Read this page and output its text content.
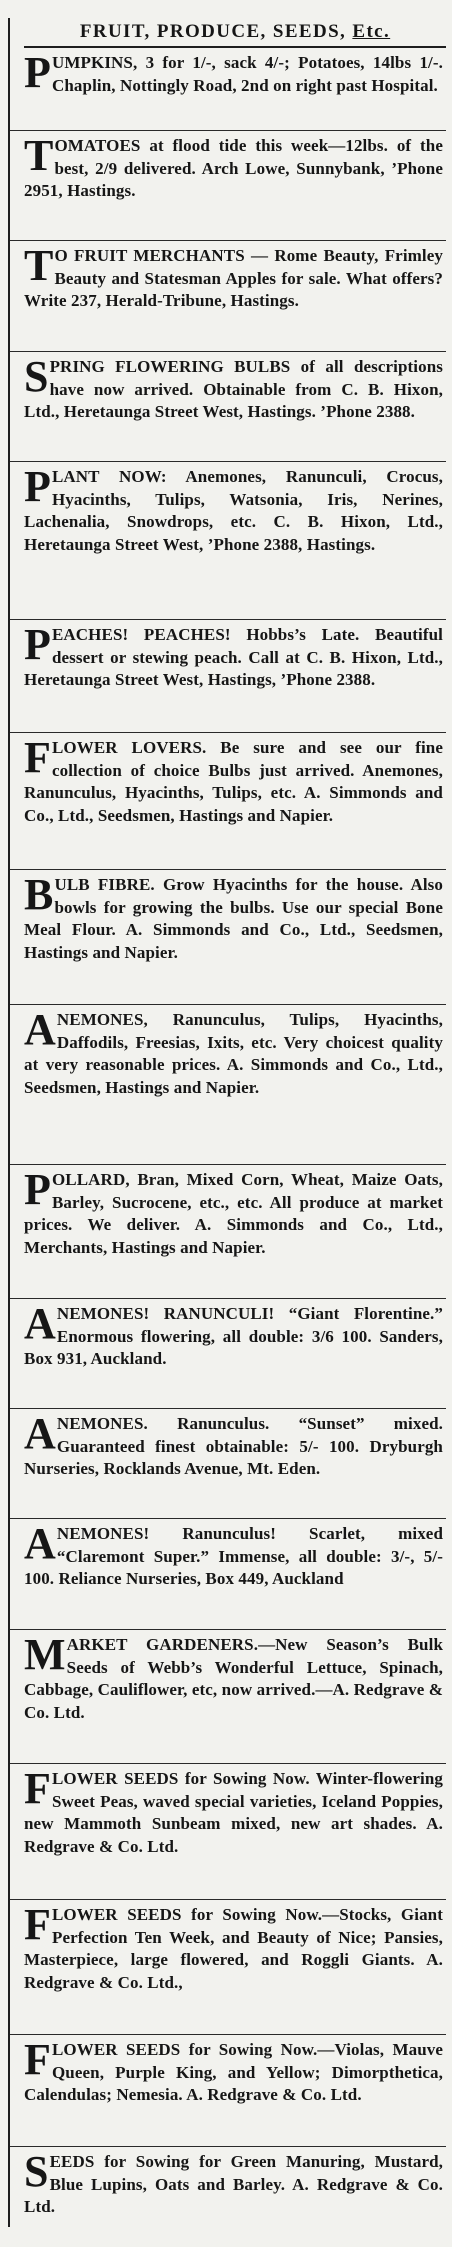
FRUIT, PRODUCE, SEEDS, Etc.

PUMPKINS, 3 for 1/-, sack 4/-; Potatoes, 14lbs 1/-. Chaplin, Nottingly Road, 2nd on right past Hospital.

TOMATOES at flood tide this week—12lbs. of the best, 2/9 delivered. Arch Lowe, Sunnybank, ’Phone 2951, Hastings.

T O FRUIT MERCHANTS — Rome Beauty, Frimley Beauty and Statesman Apples for sale. What offers? Write 237, Herald-Tribune, Hastings.

SPRING FLOWERING BULBS of all descriptions have now arrived. Obtainable from C. B. Hixon, Ltd., Heretaunga Street West, Hastings. ’Phone 2388.

PLANT NOW: Anemones, Ranunculi, Crocus, Hyacinths, Tulips, Watsonia, Iris, Nerines, Lachenalia, Snowdrops, etc. C. B. Hixon, Ltd., Heretaunga Street West, ’Phone 2388, Hastings.

PEACHES! PEACHES! Hobbs’s Late. Beautiful dessert or stewing peach. Call at C. B. Hixon, Ltd., Heretaunga Street West, Hastings, ’Phone 2388.

FLOWER LOVERS. Be sure and see our fine collection of choice Bulbs just arrived. Anemones, Ranunculus, Hyacinths, Tulips, etc. A. Simmonds and Co., Ltd., Seedsmen, Hastings and Napier.

BULB FIBRE. Grow Hyacinths for the house. Also bowls for growing the bulbs. Use our special Bone Meal Flour. A. Simmonds and Co., Ltd., Seedsmen, Hastings and Napier.

ANEMONES, Ranunculus, Tulips, Hyacinths, Daffodils, Freesias, Ixits, etc. Very choicest quality at very reasonable prices. A. Simmonds and Co., Ltd., Seedsmen, Hastings and Napier.

POLLARD, Bran, Mixed Corn, Wheat, Maize Oats, Barley, Sucrocene, etc., etc. All produce at market prices. We deliver. A. Simmonds and Co., Ltd., Merchants, Hastings and Napier.

ANEMONES! RANUNCULI! “Giant Florentine.” Enormous flowering, all double: 3/6 100. Sanders, Box 931, Auckland.

ANEMONES. Ranunculus. “Sunset” mixed. Guaranteed finest obtainable: 5/- 100. Dryburgh Nurseries, Rocklands Avenue, Mt. Eden.

ANEMONES! Ranunculus! Scarlet, mixed “Claremont Super.” Immense, all double: 3/-, 5/- 100. Reliance Nurseries, Box 449, Auckland

MARKET GARDENERS.—New Season’s Bulk Seeds of Webb’s Wonderful Lettuce, Spinach, Cabbage, Cauliflower, etc, now arrived.—A. Redgrave & Co. Ltd.

FLOWER SEEDS for Sowing Now. Winter-flowering Sweet Peas, waved special varieties, Iceland Poppies, new Mammoth Sunbeam mixed, new art shades. A. Redgrave & Co. Ltd.

FLOWER SEEDS for Sowing Now.—Stocks, Giant Perfection Ten Week, and Beauty of Nice; Pansies, Masterpiece, large flowered, and Roggli Giants. A. Redgrave & Co. Ltd.,

FLOWER SEEDS for Sowing Now.—Violas, Mauve Queen, Purple King, and Yellow; Dimorpthetica, Calendulas; Nemesia. A. Redgrave & Co. Ltd.

SEEDS for Sowing for Green Manuring, Mustard, Blue Lupins, Oats and Barley. A. Redgrave & Co. Ltd.
